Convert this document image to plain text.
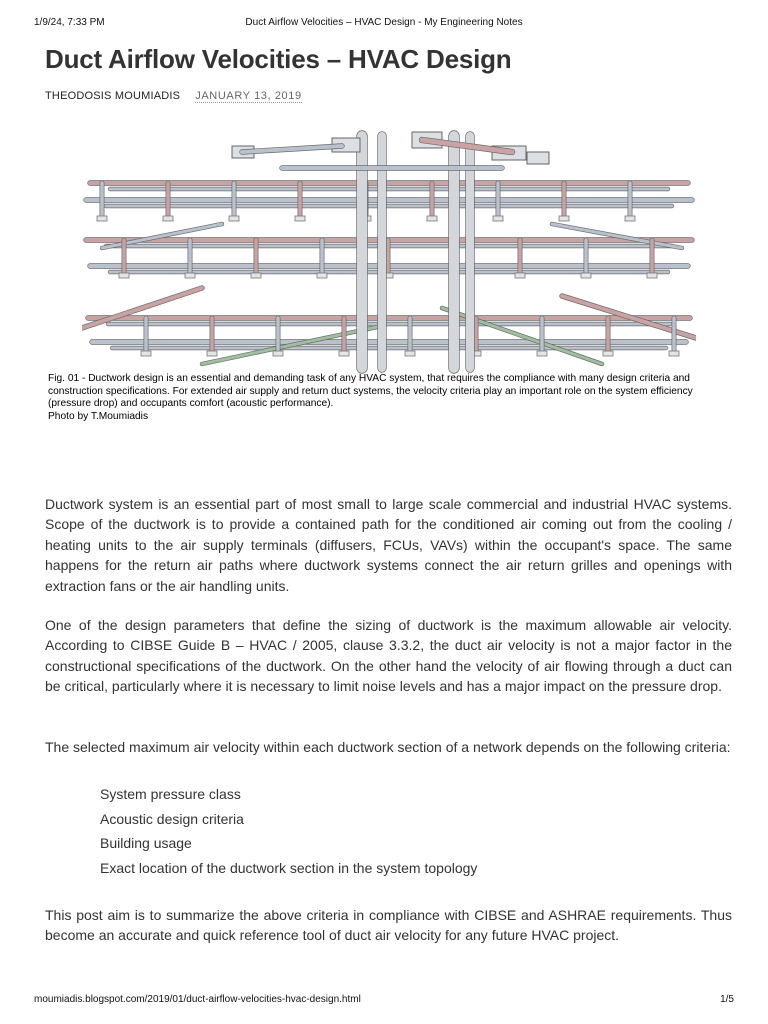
1/9/24, 7:33 PM	Duct Airflow Velocities – HVAC Design - My Engineering Notes
Duct Airflow Velocities – HVAC Design
THEODOSIS MOUMIADIS JANUARY 13, 2019

Fig. 01 - Ductwork design is an essential and demanding task of any HVAC system, that requires the compliance with many design criteria and construction specifications. For extended air supply and return duct systems, the velocity criteria play an important role on the system efficiency (pressure drop) and occupants comfort (acoustic performance).

Photo by T.Moumiadis

Ductwork system is an essential part of most small to large scale commercial and industrial HVAC systems. Scope of the ductwork is to provide a contained path for the conditioned air coming out from the cooling / heating units to the air supply terminals (diffusers, FCUs, VAVs) within the occupant's space. The same happens for the return air paths where ductwork systems connect the air return grilles and openings with extraction fans or the air handling units.

One of the design parameters that define the sizing of ductwork is the maximum allowable air velocity. According to CIBSE Guide B – HVAC / 2005, clause 3.3.2, the duct air velocity is not a major factor in the constructional specifications of the ductwork. On the other hand the velocity of air flowing through a duct can be critical, particularly where it is necessary to limit noise levels and has a major impact on the pressure drop.

The selected maximum air velocity within each ductwork section of a network depends on the following criteria:

System pressure class
Acoustic design criteria
Building usage
Exact location of the ductwork section in the system topology

This post aim is to summarize the above criteria in compliance with CIBSE and ASHRAE requirements. Thus become an accurate and quick reference tool of duct air velocity for any future HVAC project.

moumiadis.blogspot.com/2019/01/duct-airflow-velocities-hvac-design.html	1/5
